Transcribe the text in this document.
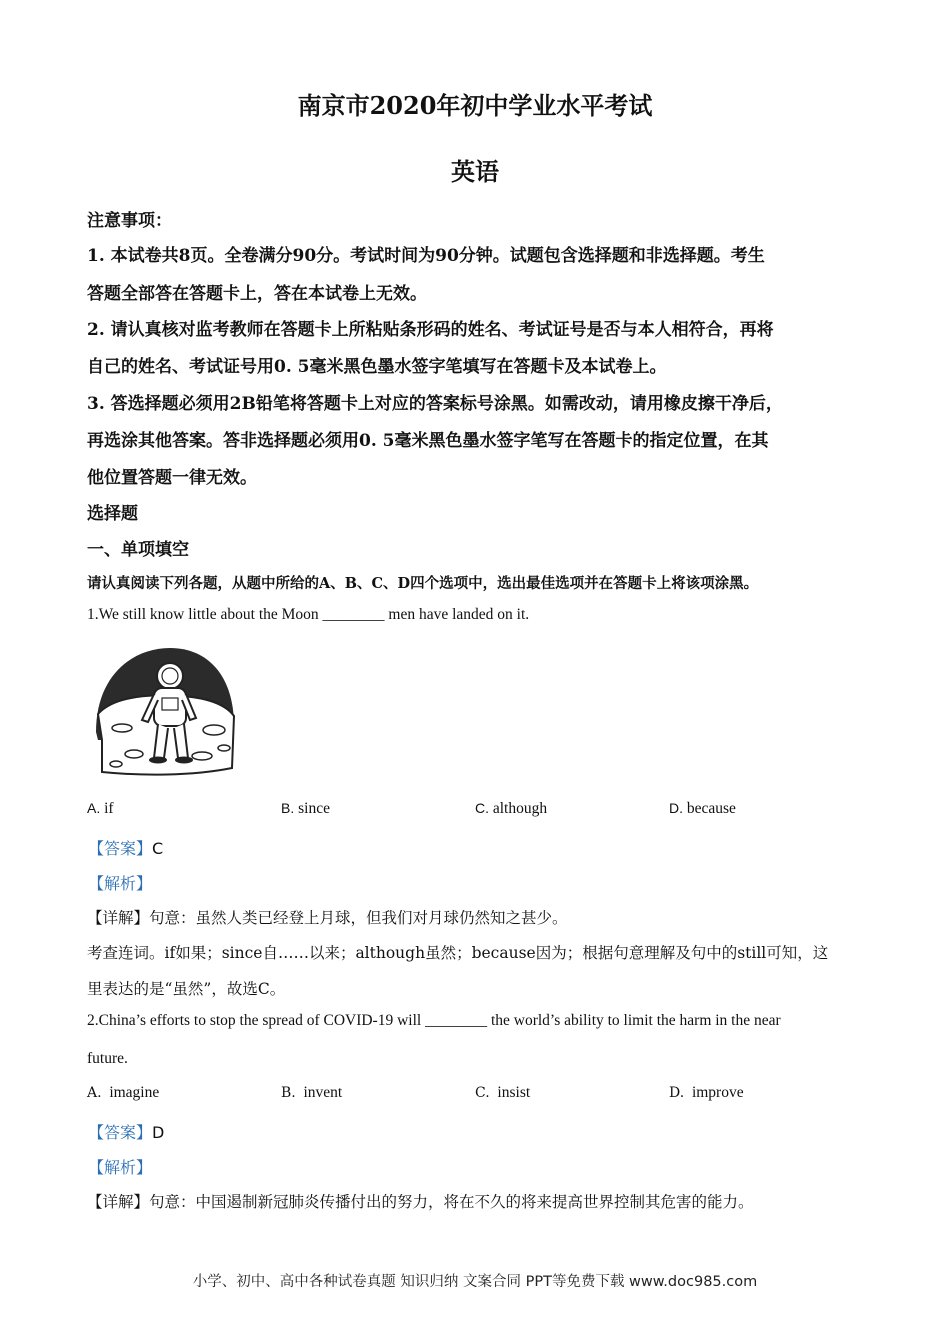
南京市2020年初中学业水平考试
英语
注意事项：
1. 本试卷共8页。全卷满分90分。考试时间为90分钟。试题包含选择题和非选择题。考生
答题全部答在答题卡上，答在本试卷上无效。
2. 请认真核对监考教师在答题卡上所粘贴条形码的姓名、考试证号是否与本人相符合，再将
自己的姓名、考试证号用0. 5毫米黑色墨水签字笔填写在答题卡及本试卷上。
3. 答选择题必须用2B铅笔将答题卡上对应的答案标号涂黑。如需改动，请用橡皮擦干净后，
再选涂其他答案。答非选择题必须用0. 5毫米黑色墨水签字笔写在答题卡的指定位置，在其
他位置答题一律无效。
选择题
一、单项填空
请认真阅读下列各题，从题中所给的A、B、C、D四个选项中，选出最佳选项并在答题卡上将该项涂黑。
1.We still know little about the Moon ________ men have landed on it.
A. if	B. since	C. although	D. because
【答案】C
【解析】
【详解】句意：虽然人类已经登上月球，但我们对月球仍然知之甚少。
考查连词。if如果；since自……以来；although虽然；because因为；根据句意理解及句中的still可知，这
里表达的是“虽然”，故选C。
2.China’s efforts to stop the spread of COVID-19 will ________ the world’s ability to limit the harm in the near
future.
A. imagine	B. invent	C. insist	D. improve
【答案】D
【解析】
【详解】句意：中国遏制新冠肺炎传播付出的努力，将在不久的将来提高世界控制其危害的能力。
小学、初中、高中各种试卷真题 知识归纳 文案合同 PPT等免费下载 www.doc985.com
